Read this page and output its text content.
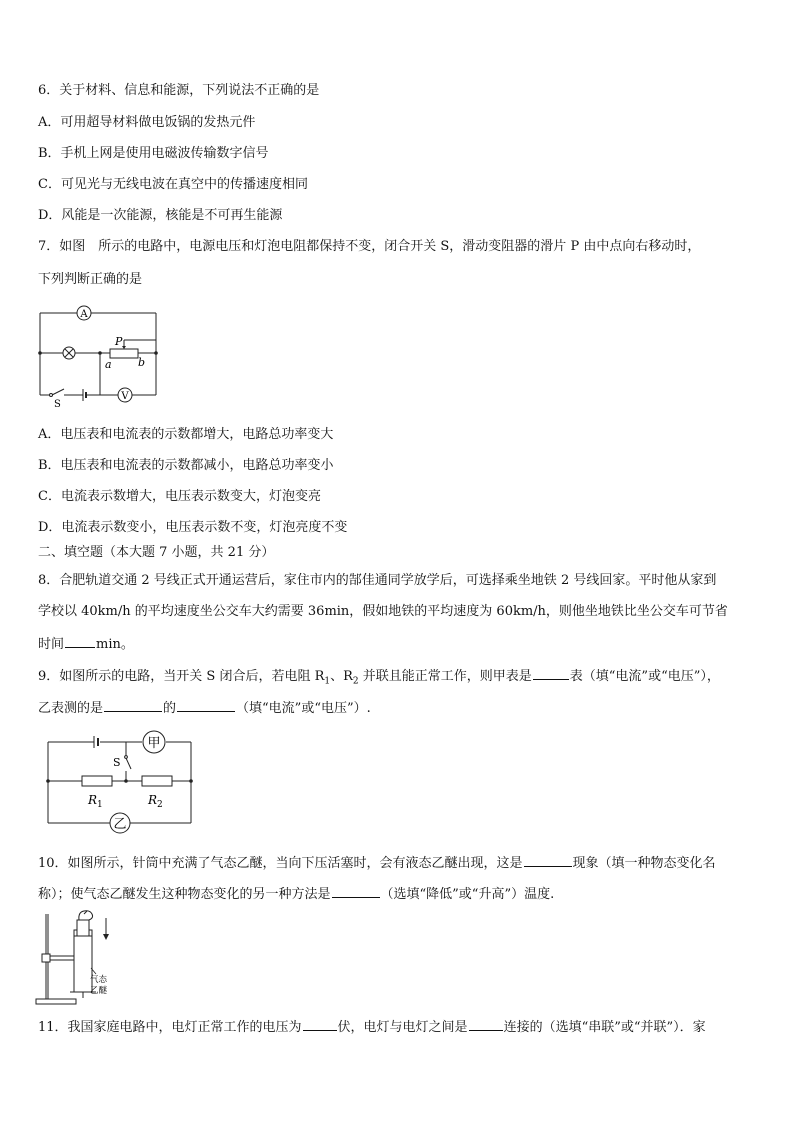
6．关于材料、信息和能源，下列说法不正确的是
A．可用超导材料做电饭锅的发热元件
B．手机上网是使用电磁波传输数字信号
C．可见光与无线电波在真空中的传播速度相同
D．风能是一次能源，核能是不可再生能源
7．如图　所示的电路中，电源电压和灯泡电阻都保持不变，闭合开关 S，滑动变阻器的滑片 P 由中点向右移动时，
下列判断正确的是
A
P
a b
S
V
A．电压表和电流表的示数都增大，电路总功率变大
B．电压表和电流表的示数都减小，电路总功率变小
C．电流表示数增大，电压表示数变大，灯泡变亮
D．电流表示数变小，电压表示数不变，灯泡亮度不变
二、填空题（本大题 7 小题，共 21 分）
8．合肥轨道交通 2 号线正式开通运营后，家住市内的郜佳通同学放学后，可选择乘坐地铁 2 号线回家。平时他从家到
学校以 40km/h 的平均速度坐公交车大约需要 36min，假如地铁的平均速度为 60km/h，则他坐地铁比坐公交车可节省
时间 min。
9．如图所示的电路，当开关 S 闭合后，若电阻 $R_1$、$R_2$ 并联且能正常工作，则甲表是	表（填“电流”或“电压”），
乙表测的是	的	（填“电流”或“电压”）.
S
甲
$R_1$	$R_2$
乙
10．如图所示，针筒中充满了气态乙醚，当向下压活塞时，会有液态乙醚出现，这是	现象（填一种物态变化名
称）；使气态乙醚发生这种物态变化的另一种方法是	（选填“降低”或“升高”）温度.
气态
乙醚
11．我国家庭电路中，电灯正常工作的电压为	伏，电灯与电灯之间是	连接的（选填“串联”或“并联”）．家
